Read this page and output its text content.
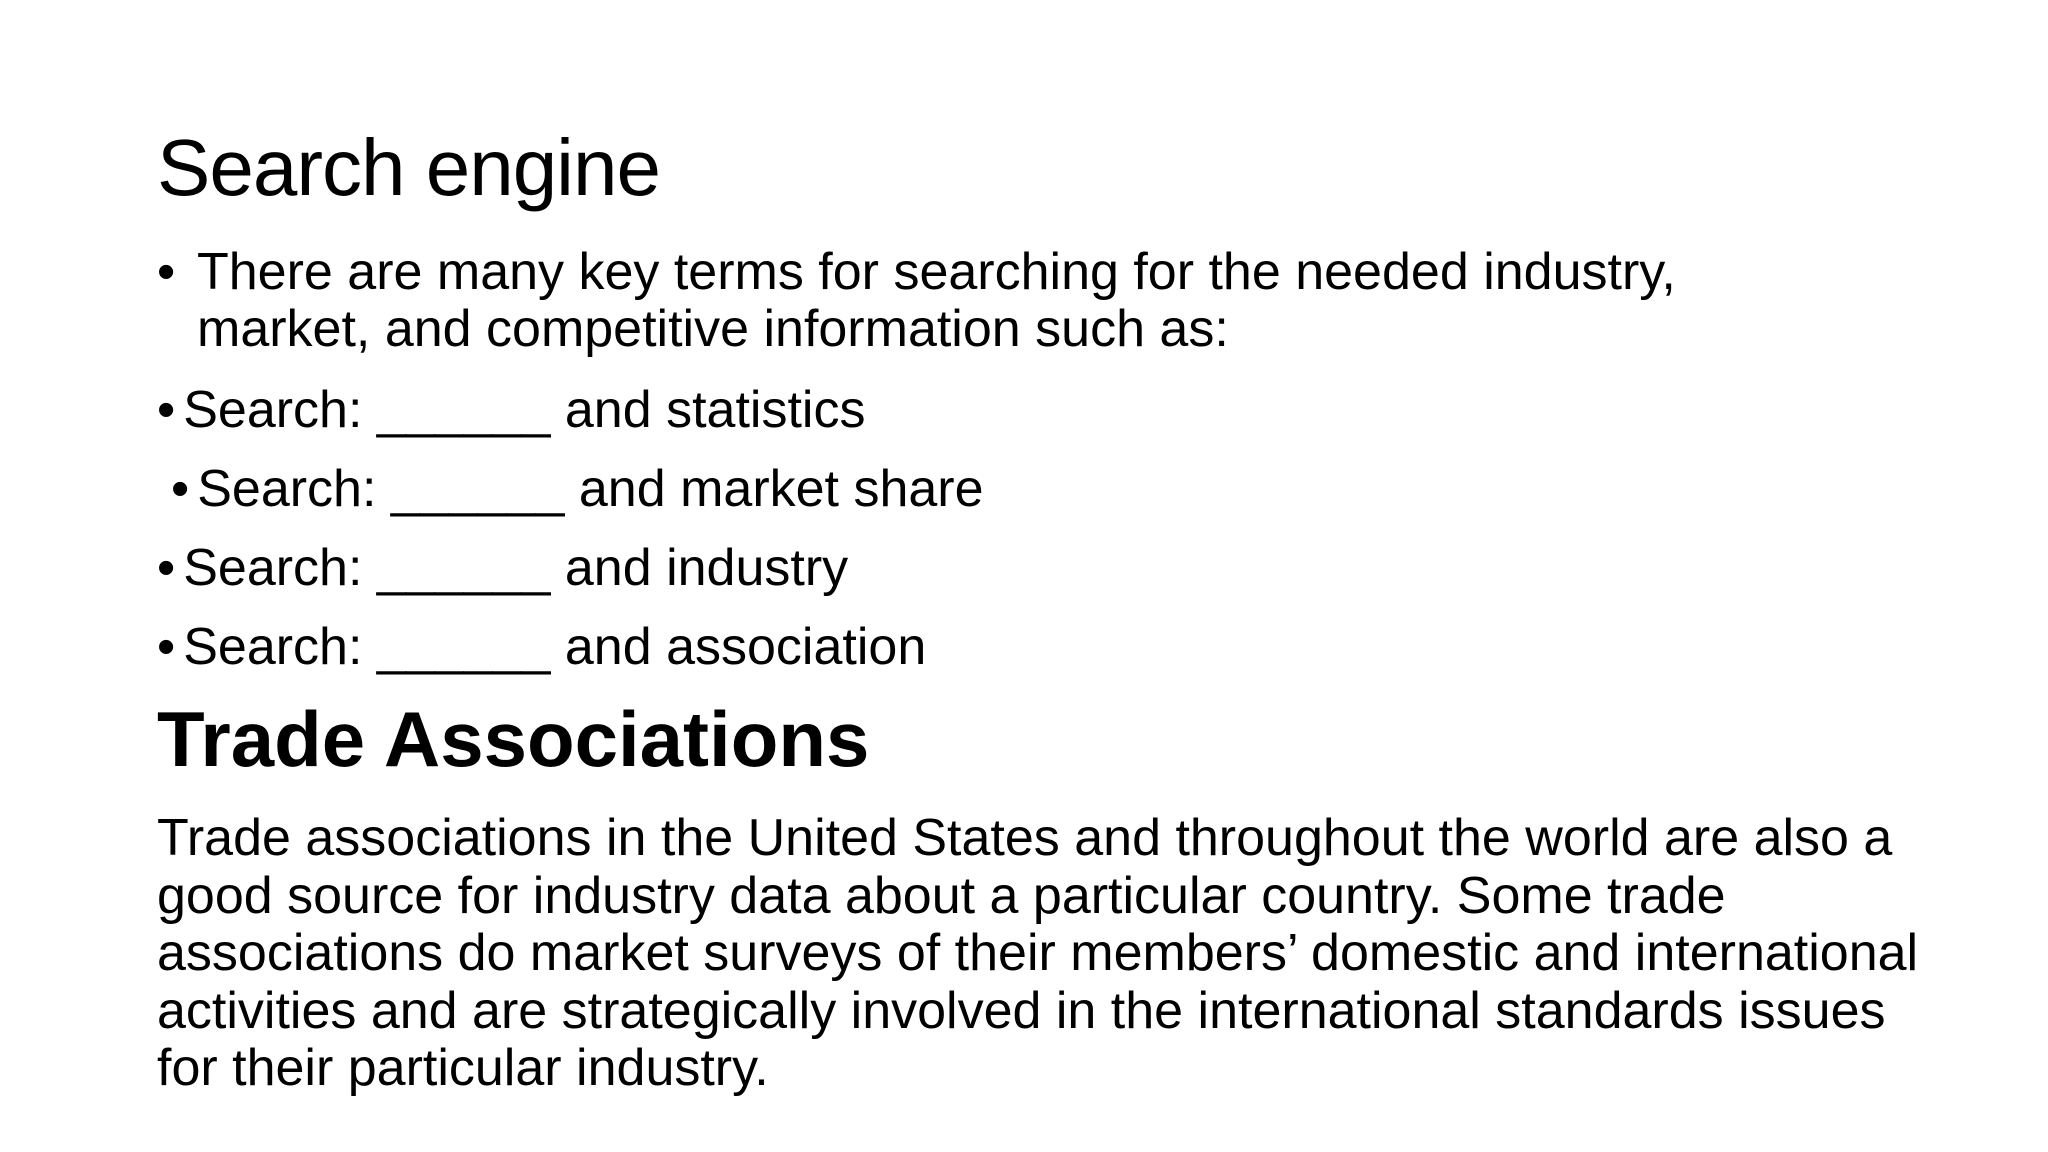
Search engine
• There are many key terms for searching for the needed industry, market, and competitive information such as:
• Search: ______ and statistics
• Search: ______ and market share
• Search: ______ and industry
• Search: ______ and association
Trade Associations

Trade associations in the United States and throughout the world are also a good source for industry data about a particular country. Some trade associations do market surveys of their members’ domestic and international activities and are strategically involved in the international standards issues for their particular industry.
